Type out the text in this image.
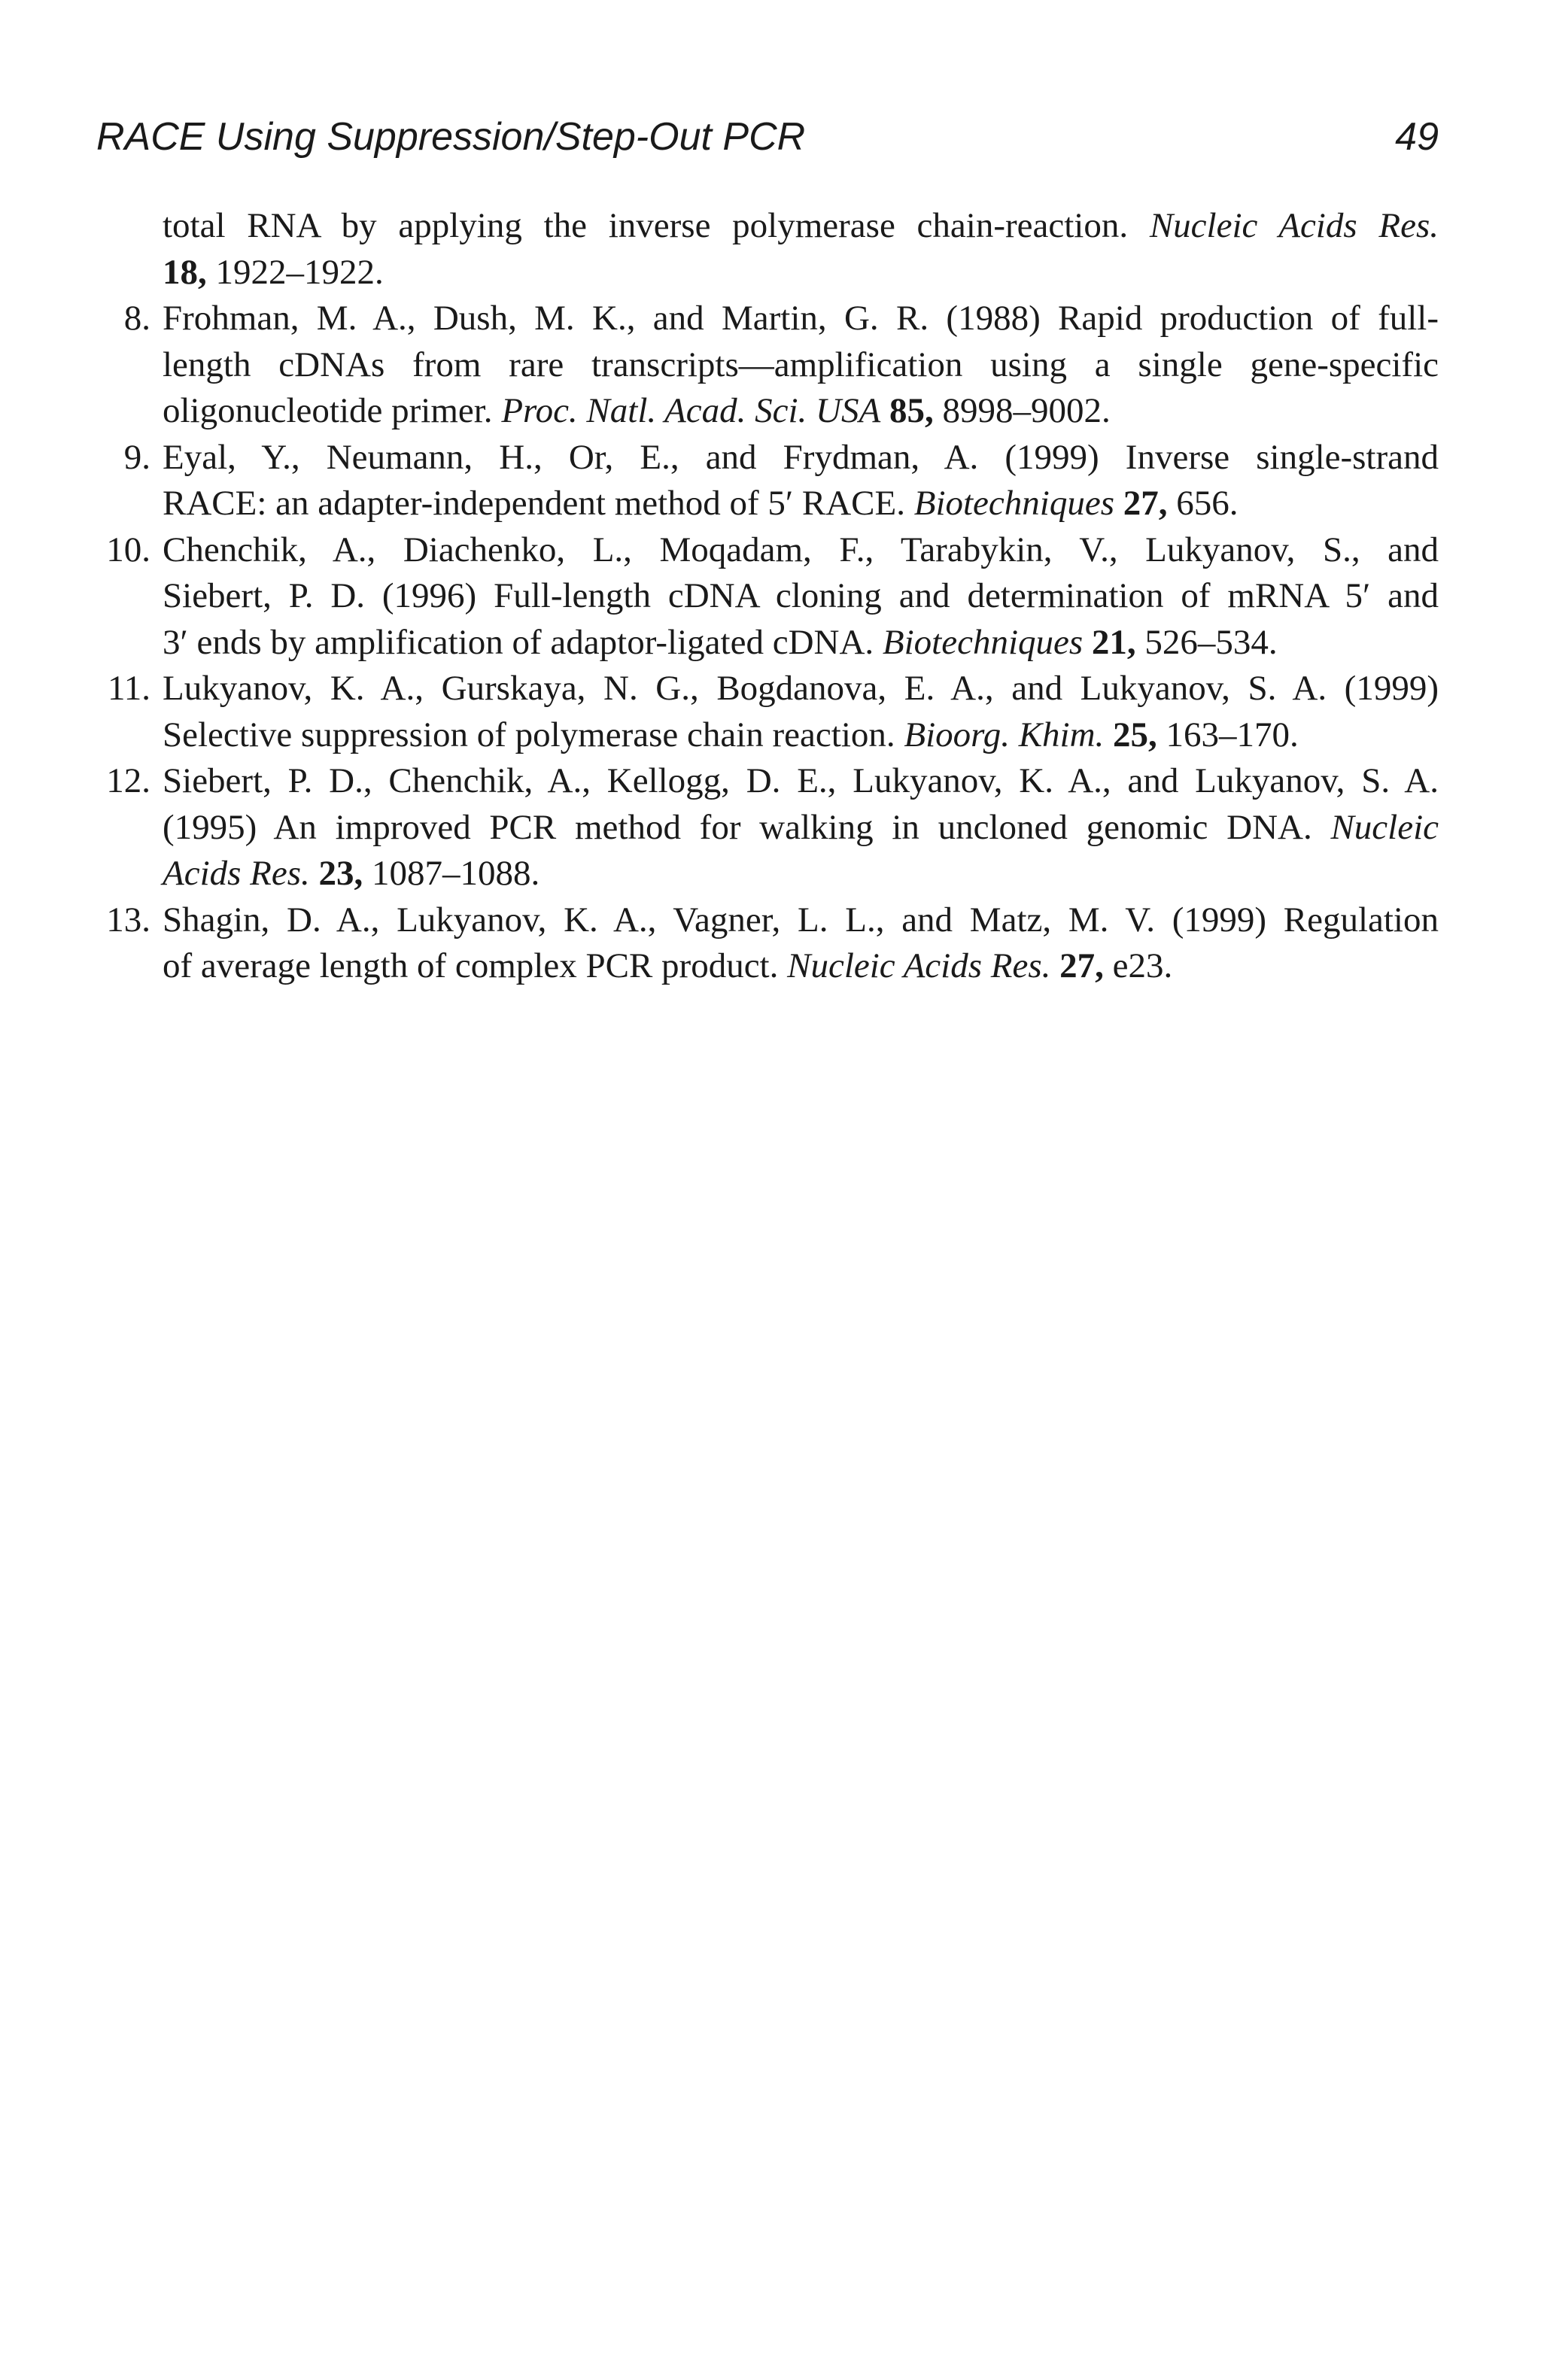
RACE Using Suppression/Step-Out PCR	49
total RNA by applying the inverse polymerase chain-reaction. Nucleic Acids Res.
18, 1922–1922.
8. Frohman, M. A., Dush, M. K., and Martin, G. R. (1988) Rapid production of full-
length cDNAs from rare transcripts—amplification using a single gene-specific
oligonucleotide primer. Proc. Natl. Acad. Sci. USA 85, 8998–9002.
9. Eyal, Y., Neumann, H., Or, E., and Frydman, A. (1999) Inverse single-strand
RACE: an adapter-independent method of 5′ RACE. Biotechniques 27, 656.
10. Chenchik, A., Diachenko, L., Moqadam, F., Tarabykin, V., Lukyanov, S., and
Siebert, P. D. (1996) Full-length cDNA cloning and determination of mRNA 5′ and
3′ ends by amplification of adaptor-ligated cDNA. Biotechniques 21, 526–534.
11. Lukyanov, K. A., Gurskaya, N. G., Bogdanova, E. A., and Lukyanov, S. A. (1999)
Selective suppression of polymerase chain reaction. Bioorg. Khim. 25, 163–170.
12. Siebert, P. D., Chenchik, A., Kellogg, D. E., Lukyanov, K. A., and Lukyanov, S. A.
(1995) An improved PCR method for walking in uncloned genomic DNA. Nucleic
Acids Res. 23, 1087–1088.
13. Shagin, D. A., Lukyanov, K. A., Vagner, L. L., and Matz, M. V. (1999) Regulation
of average length of complex PCR product. Nucleic Acids Res. 27, e23.
